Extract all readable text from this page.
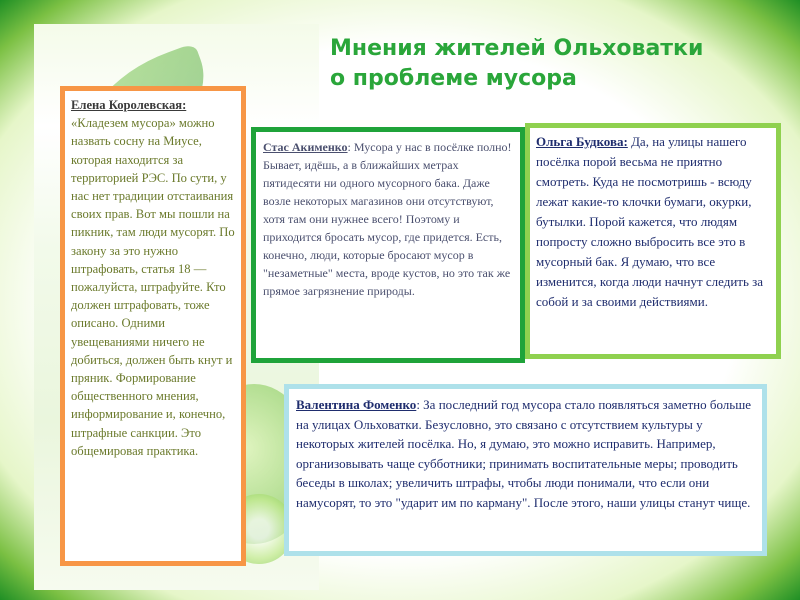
Мнения жителей Ольховатки
о проблеме мусора
Елена Королевская:
«Кладезем мусора» можно назвать сосну на Миусе, которая находится за территорией РЭС. По сути, у нас нет традиции отстаивания своих прав. Вот мы пошли на пикник, там люди мусорят. По закону за это нужно штрафовать, статья 18 — пожалуйста, штрафуйте. Кто должен штрафовать, тоже описано. Одними увещеваниями ничего не добиться, должен быть кнут и пряник. Формирование общественного мнения, информирование и, конечно, штрафные санкции. Это общемировая практика.
Стас Акименко: Мусора у нас в посёлке полно! Бывает, идёшь, а в ближайших метрах пятидесяти ни одного мусорного бака. Даже возле некоторых магазинов они отсутствуют, хотя там они нужнее всего! Поэтому и приходится бросать мусор, где придется. Есть, конечно, люди, которые бросают мусор в "незаметные" места, вроде кустов, но это так же прямое загрязнение природы.
Ольга Будкова: Да, на улицы нашего посёлка порой весьма не приятно смотреть. Куда не посмотришь - всюду лежат какие-то клочки бумаги, окурки, бутылки. Порой кажется, что людям попросту сложно выбросить все это в мусорный бак. Я думаю, что все изменится, когда люди начнут следить за собой и за своими действиями.
Валентина Фоменко: За последний год мусора стало появляться заметно больше на улицах Ольховатки. Безусловно, это связано с отсутствием культуры у некоторых жителей посёлка. Но, я думаю, это можно исправить. Например, организовывать чаще субботники; принимать воспитательные меры; проводить беседы в школах; увеличить штрафы, чтобы люди понимали, что если они намусорят, то это "ударит им по карману". После этого, наши улицы станут чище.
